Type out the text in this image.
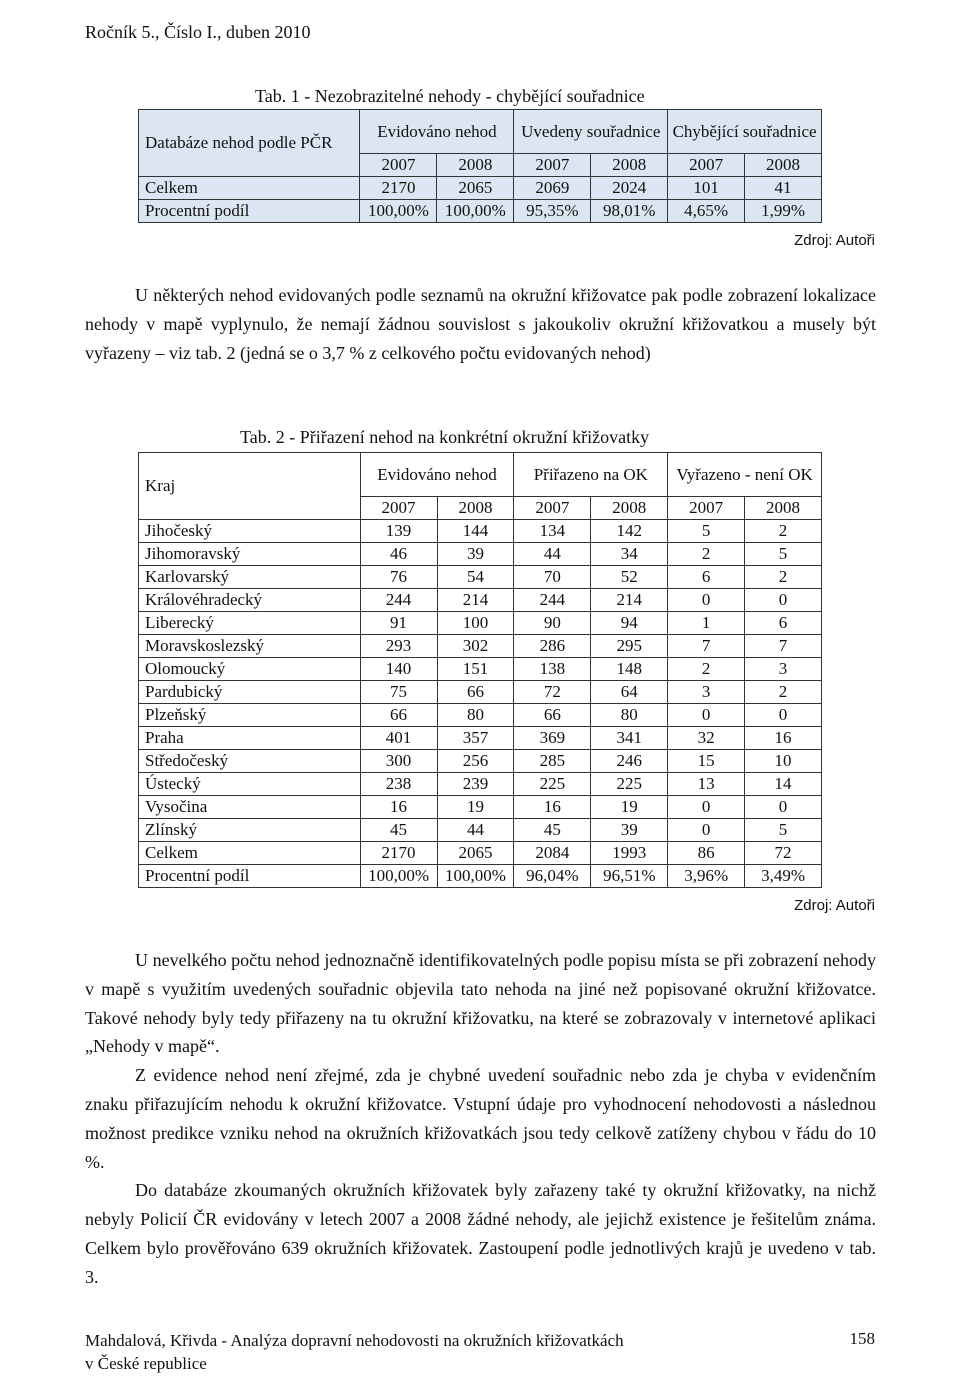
Ročník 5., Číslo I., duben 2010
Tab. 1 - Nezobrazitelné nehody - chybějící souřadnice
Databáze nehod podle PČR	Evidováno nehod		Uvedeny souřadnice		Chybějící souřadnice	
	2007	2008	2007	2008	2007	2008
Celkem	2170	2065	2069	2024	101	41
Procentní podíl	100,00%	100,00%	95,35%	98,01%	4,65%	1,99%
Zdroj: Autoři

U některých nehod evidovaných podle seznamů na okružní křižovatce pak podle zobrazení lokalizace nehody v mapě vyplynulo, že nemají žádnou souvislost s jakoukoliv okružní křižovatkou a musely být vyřazeny – viz tab. 2 (jedná se o 3,7 % z celkového počtu evidovaných nehod)

Tab. 2 - Přiřazení nehod na konkrétní okružní křižovatky
Kraj	Evidováno nehod		Přiřazeno na OK		Vyřazeno - není OK	
	2007	2008	2007	2008	2007	2008
Jihočeský	139	144	134	142	5	2
Jihomoravský	46	39	44	34	2	5
Karlovarský	76	54	70	52	6	2
Královéhradecký	244	214	244	214	0	0
Liberecký	91	100	90	94	1	6
Moravskoslezský	293	302	286	295	7	7
Olomoucký	140	151	138	148	2	3
Pardubický	75	66	72	64	3	2
Plzeňský	66	80	66	80	0	0
Praha	401	357	369	341	32	16
Středočeský	300	256	285	246	15	10
Ústecký	238	239	225	225	13	14
Vysočina	16	19	16	19	0	0
Zlínský	45	44	45	39	0	5
Celkem	2170	2065	2084	1993	86	72
Procentní podíl	100,00%	100,00%	96,04%	96,51%	3,96%	3,49%
Zdroj: Autoři

U nevelkého počtu nehod jednoznačně identifikovatelných podle popisu místa se při zobrazení nehody v mapě s využitím uvedených souřadnic objevila tato nehoda na jiné než popisované okružní křižovatce. Takové nehody byly tedy přiřazeny na tu okružní křižovatku, na které se zobrazovaly v internetové aplikaci „Nehody v mapě“.

Z evidence nehod není zřejmé, zda je chybné uvedení souřadnic nebo zda je chyba v evidenčním znaku přiřazujícím nehodu k okružní křižovatce. Vstupní údaje pro vyhodnocení nehodovosti a následnou možnost predikce vzniku nehod na okružních křižovatkách jsou tedy celkově zatíženy chybou v řádu do 10 %.

Do databáze zkoumaných okružních křižovatek byly zařazeny také ty okružní křižovatky, na nichž nebyly Policií ČR evidovány v letech 2007 a 2008 žádné nehody, ale jejichž existence je řešitelům známa. Celkem bylo prověřováno 639 okružních křižovatek. Zastoupení podle jednotlivých krajů je uvedeno v tab. 3.

Mahdalová, Křivda - Analýza dopravní nehodovosti na okružních křižovatkách
v České republice
158
